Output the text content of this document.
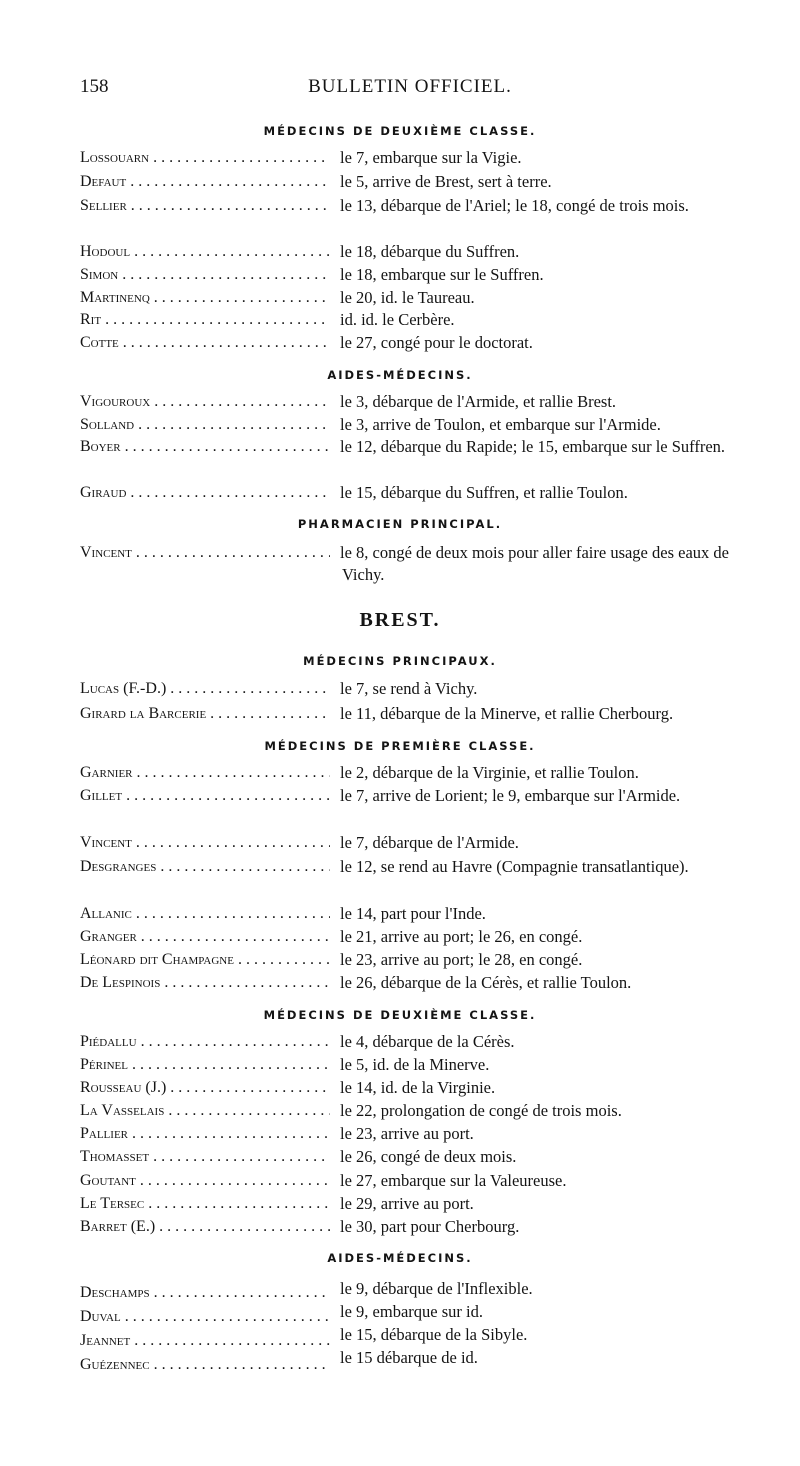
158	BULLETIN OFFICIEL.
MÉDECINS DE DEUXIÈME CLASSE.
Lossouarn . . .	le 7, embarque sur la Vigie.
Defaut . . .	le 5, arrive de Brest, sert à terre.
Sellier . . .	le 13, débarque de l'Ariel; le 18, congé de trois mois.
Hodoul . . .	le 18, débarque du Suffren.
Simon . . .	le 18, embarque sur le Suffren.
Martinenq . . .	le 20, id. le Taureau.
Rit . . .	id. id. le Cerbère.
Cotte . . .	le 27, congé pour le doctorat.
AIDES-MÉDECINS.
Vigouroux . . .	le 3, débarque de l'Armide, et rallie Brest.
Solland . . .	le 3, arrive de Toulon, et embarque sur l'Armide.
Boyer . . .	le 12, débarque du Rapide; le 15, embarque sur le Suffren.
Giraud . . .	le 15, débarque du Suffren, et rallie Toulon.
PHARMACIEN PRINCIPAL.
Vincent . . .	le 8, congé de deux mois pour aller faire usage des eaux de Vichy.
BREST.
MÉDECINS PRINCIPAUX.
Lucas (F.-D.) . . .	le 7, se rend à Vichy.
Girard la Barcerie . . .	le 11, débarque de la Minerve, et rallie Cherbourg.
MÉDECINS DE PREMIÈRE CLASSE.
Garnier . . .	le 2, débarque de la Virginie, et rallie Toulon.
Gillet . . .	le 7, arrive de Lorient; le 9, embarque sur l'Armide.
Vincent . . .	le 7, débarque de l'Armide.
Desgranges . . .	le 12, se rend au Havre (Compagnie transatlantique).
Allanic . . .	le 14, part pour l'Inde.
Granger . . .	le 21, arrive au port; le 26, en congé.
Léonard dit Champagne . . .	le 23, arrive au port; le 28, en congé.
De Lespinois . . .	le 26, débarque de la Cérès, et rallie Toulon.
MÉDECINS DE DEUXIÈME CLASSE.
Piédallu . . .	le 4, débarque de la Cérès.
Périnel . . .	le 5, id. de la Minerve.
Rousseau (J.) . . .	le 14, id. de la Virginie.
La Vasselais . . .	le 22, prolongation de congé de trois mois.
Pallier . . .	le 23, arrive au port.
Thomasset . . .	le 26, congé de deux mois.
Goutant . . .	le 27, embarque sur la Valeureuse.
Le Tersec . . .	le 29, arrive au port.
Barret (E.) . . .	le 30, part pour Cherbourg.
AIDES-MÉDECINS.
Deschamps . . .	le 9, débarque de l'Inflexible.
Duval . . .	le 9, embarque sur id.
Jeannet . . .	le 15, débarque de la Sibyle.
Guézennec . . .	le 15 débarque de id.
